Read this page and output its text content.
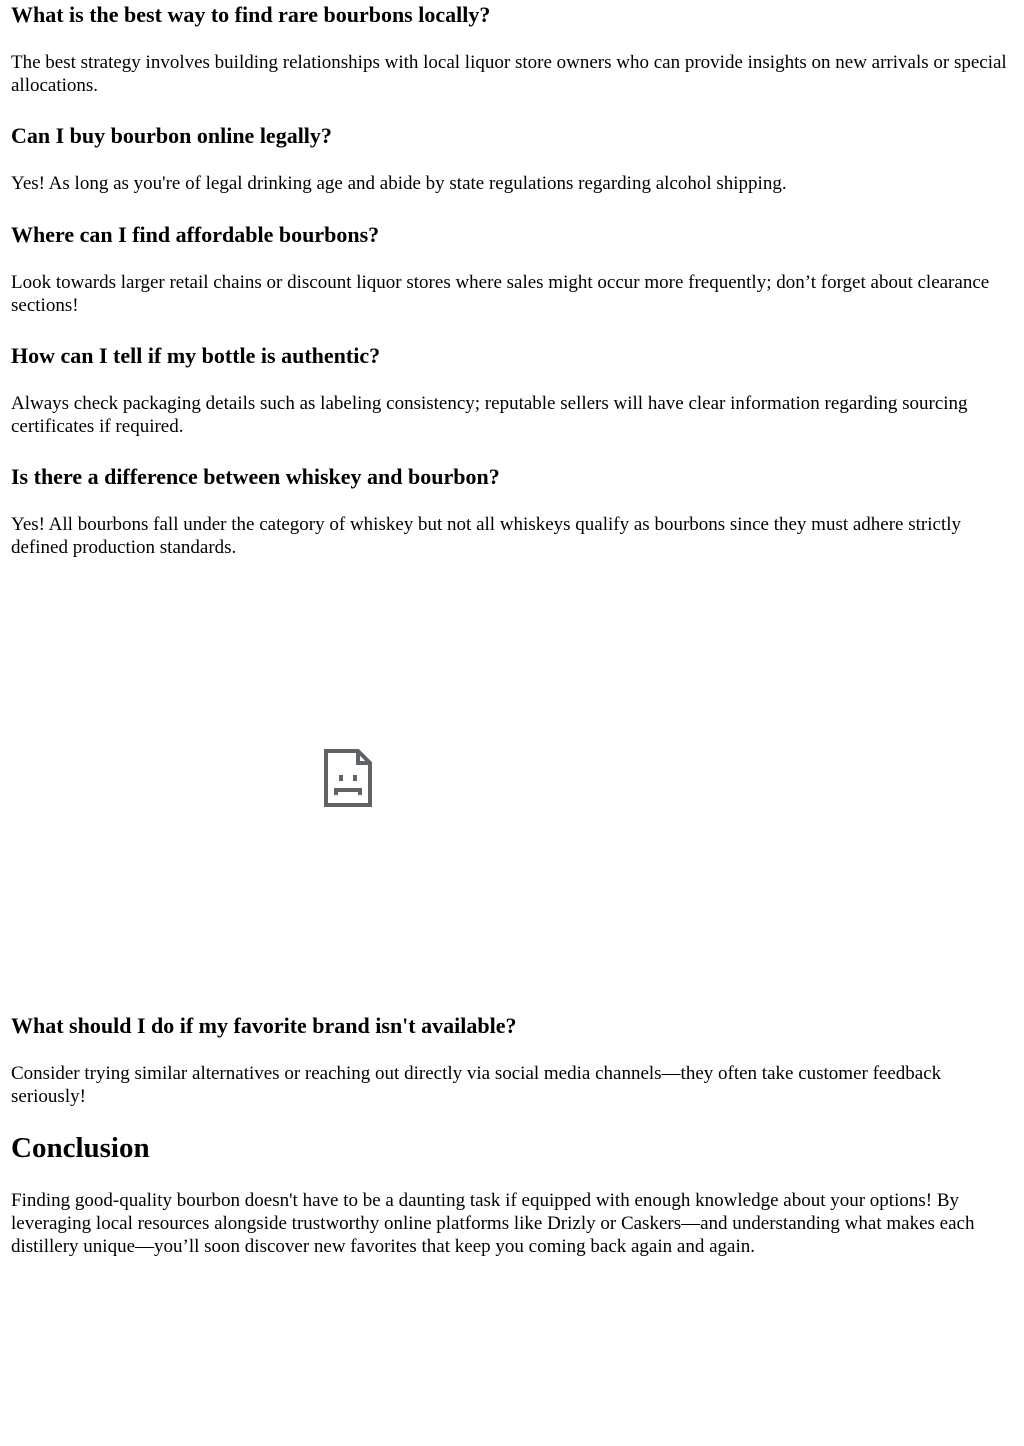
What is the best way to find rare bourbons locally?

The best strategy involves building relationships with local liquor store owners who can provide insights on new arrivals or special allocations.

Can I buy bourbon online legally?

Yes! As long as you're of legal drinking age and abide by state regulations regarding alcohol shipping.

Where can I find affordable bourbons?

Look towards larger retail chains or discount liquor stores where sales might occur more frequently; don’t forget about clearance sections!

How can I tell if my bottle is authentic?

Always check packaging details such as labeling consistency; reputable sellers will have clear information regarding sourcing certificates if required.

Is there a difference between whiskey and bourbon?

Yes! All bourbons fall under the category of whiskey but not all whiskeys qualify as bourbons since they must adhere strictly defined production standards.

What should I do if my favorite brand isn't available?

Consider trying similar alternatives or reaching out directly via social media channels—they often take customer feedback seriously!

Conclusion

Finding good-quality bourbon doesn't have to be a daunting task if equipped with enough knowledge about your options! By leveraging local resources alongside trustworthy online platforms like Drizly or Caskers—and understanding what makes each distillery unique—you’ll soon discover new favorites that keep you coming back again and again.
